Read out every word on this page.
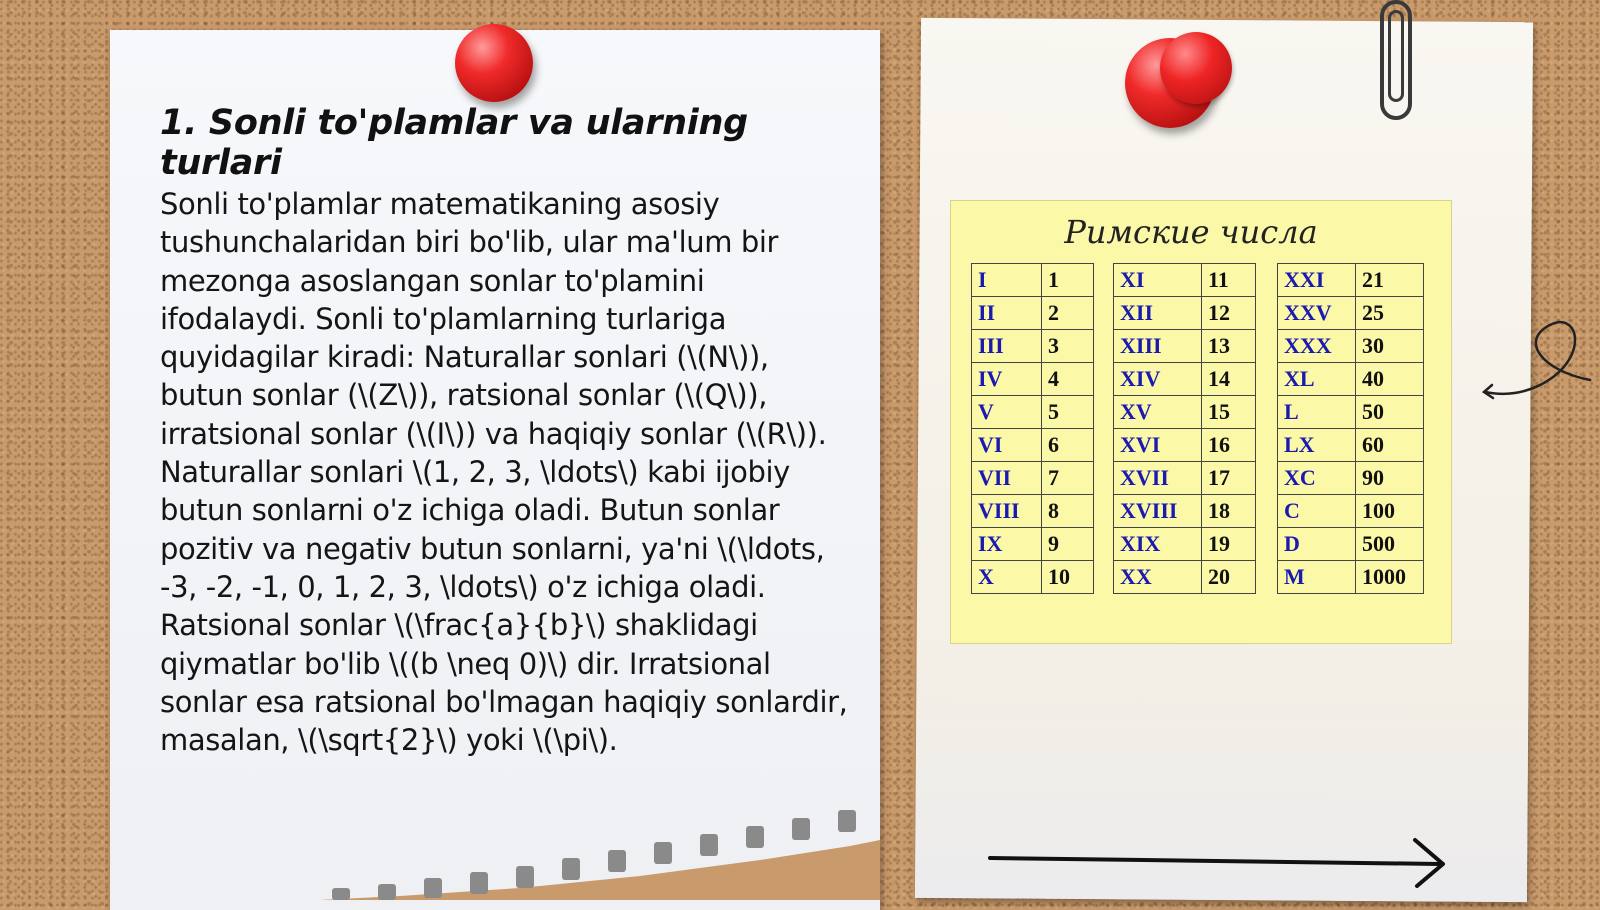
1. Sonli to'plamlar va ularning turlari

Sonli to'plamlar matematikaning asosiy tushunchalaridan biri bo'lib, ular ma'lum bir mezonga asoslangan sonlar to'plamini ifodalaydi. Sonli to'plamlarning turlariga quyidagilar kiradi: Naturallar sonlari (\(N\)), butun sonlar (\(Z\)), ratsional sonlar (\(Q\)), irratsional sonlar (\(I\)) va haqiqiy sonlar (\(R\)). Naturallar sonlari \(1, 2, 3, \ldots\) kabi ijobiy butun sonlarni o'z ichiga oladi. Butun sonlar pozitiv va negativ butun sonlarni, ya'ni \(\ldots, -3, -2, -1, 0, 1, 2, 3, \ldots\) o'z ichiga oladi. Ratsional sonlar \(\frac{a}{b}\) shaklidagi qiymatlar bo'lib \((b \neq 0)\) dir. Irratsional sonlar esa ratsional bo'lmagan haqiqiy sonlardir, masalan, \(\sqrt{2}\) yoki \(\pi\).

Римские числа
I	1
II	2
III	3
IV	4
V	5
VI	6
VII	7
VIII	8
IX	9
X	10
XI	11
XII	12
XIII	13
XIV	14
XV	15
XVI	16
XVII	17
XVIII	18
XIX	19
XX	20
XXI	21
XXV	25
XXX	30
XL	40
L	50
LX	60
XC	90
C	100
D	500
M	1000
